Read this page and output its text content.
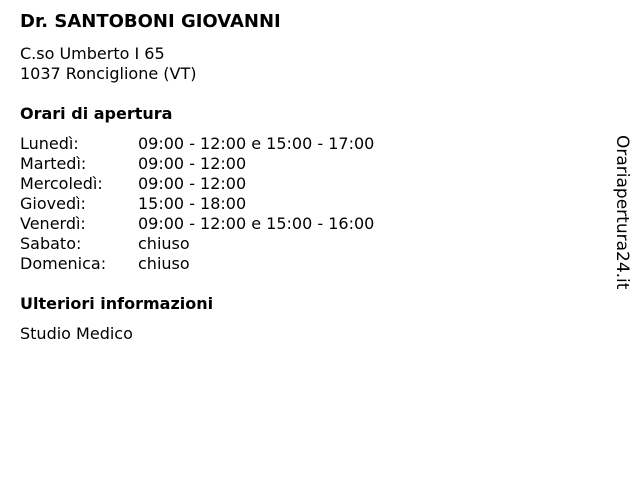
Dr. SANTOBONI GIOVANNI
C.so Umberto I 65
1037 Ronciglione (VT)
Orari di apertura
Lunedì:	09:00 - 12:00 e 15:00 - 17:00
Martedì:	09:00 - 12:00
Mercoledì: 09:00 - 12:00
Giovedì:	15:00 - 18:00
Venerdì:	09:00 - 12:00 e 15:00 - 16:00
Sabato:	chiuso
Domenica: chiuso
Ulteriori informazioni
Studio Medico
Orariapertura24.it
